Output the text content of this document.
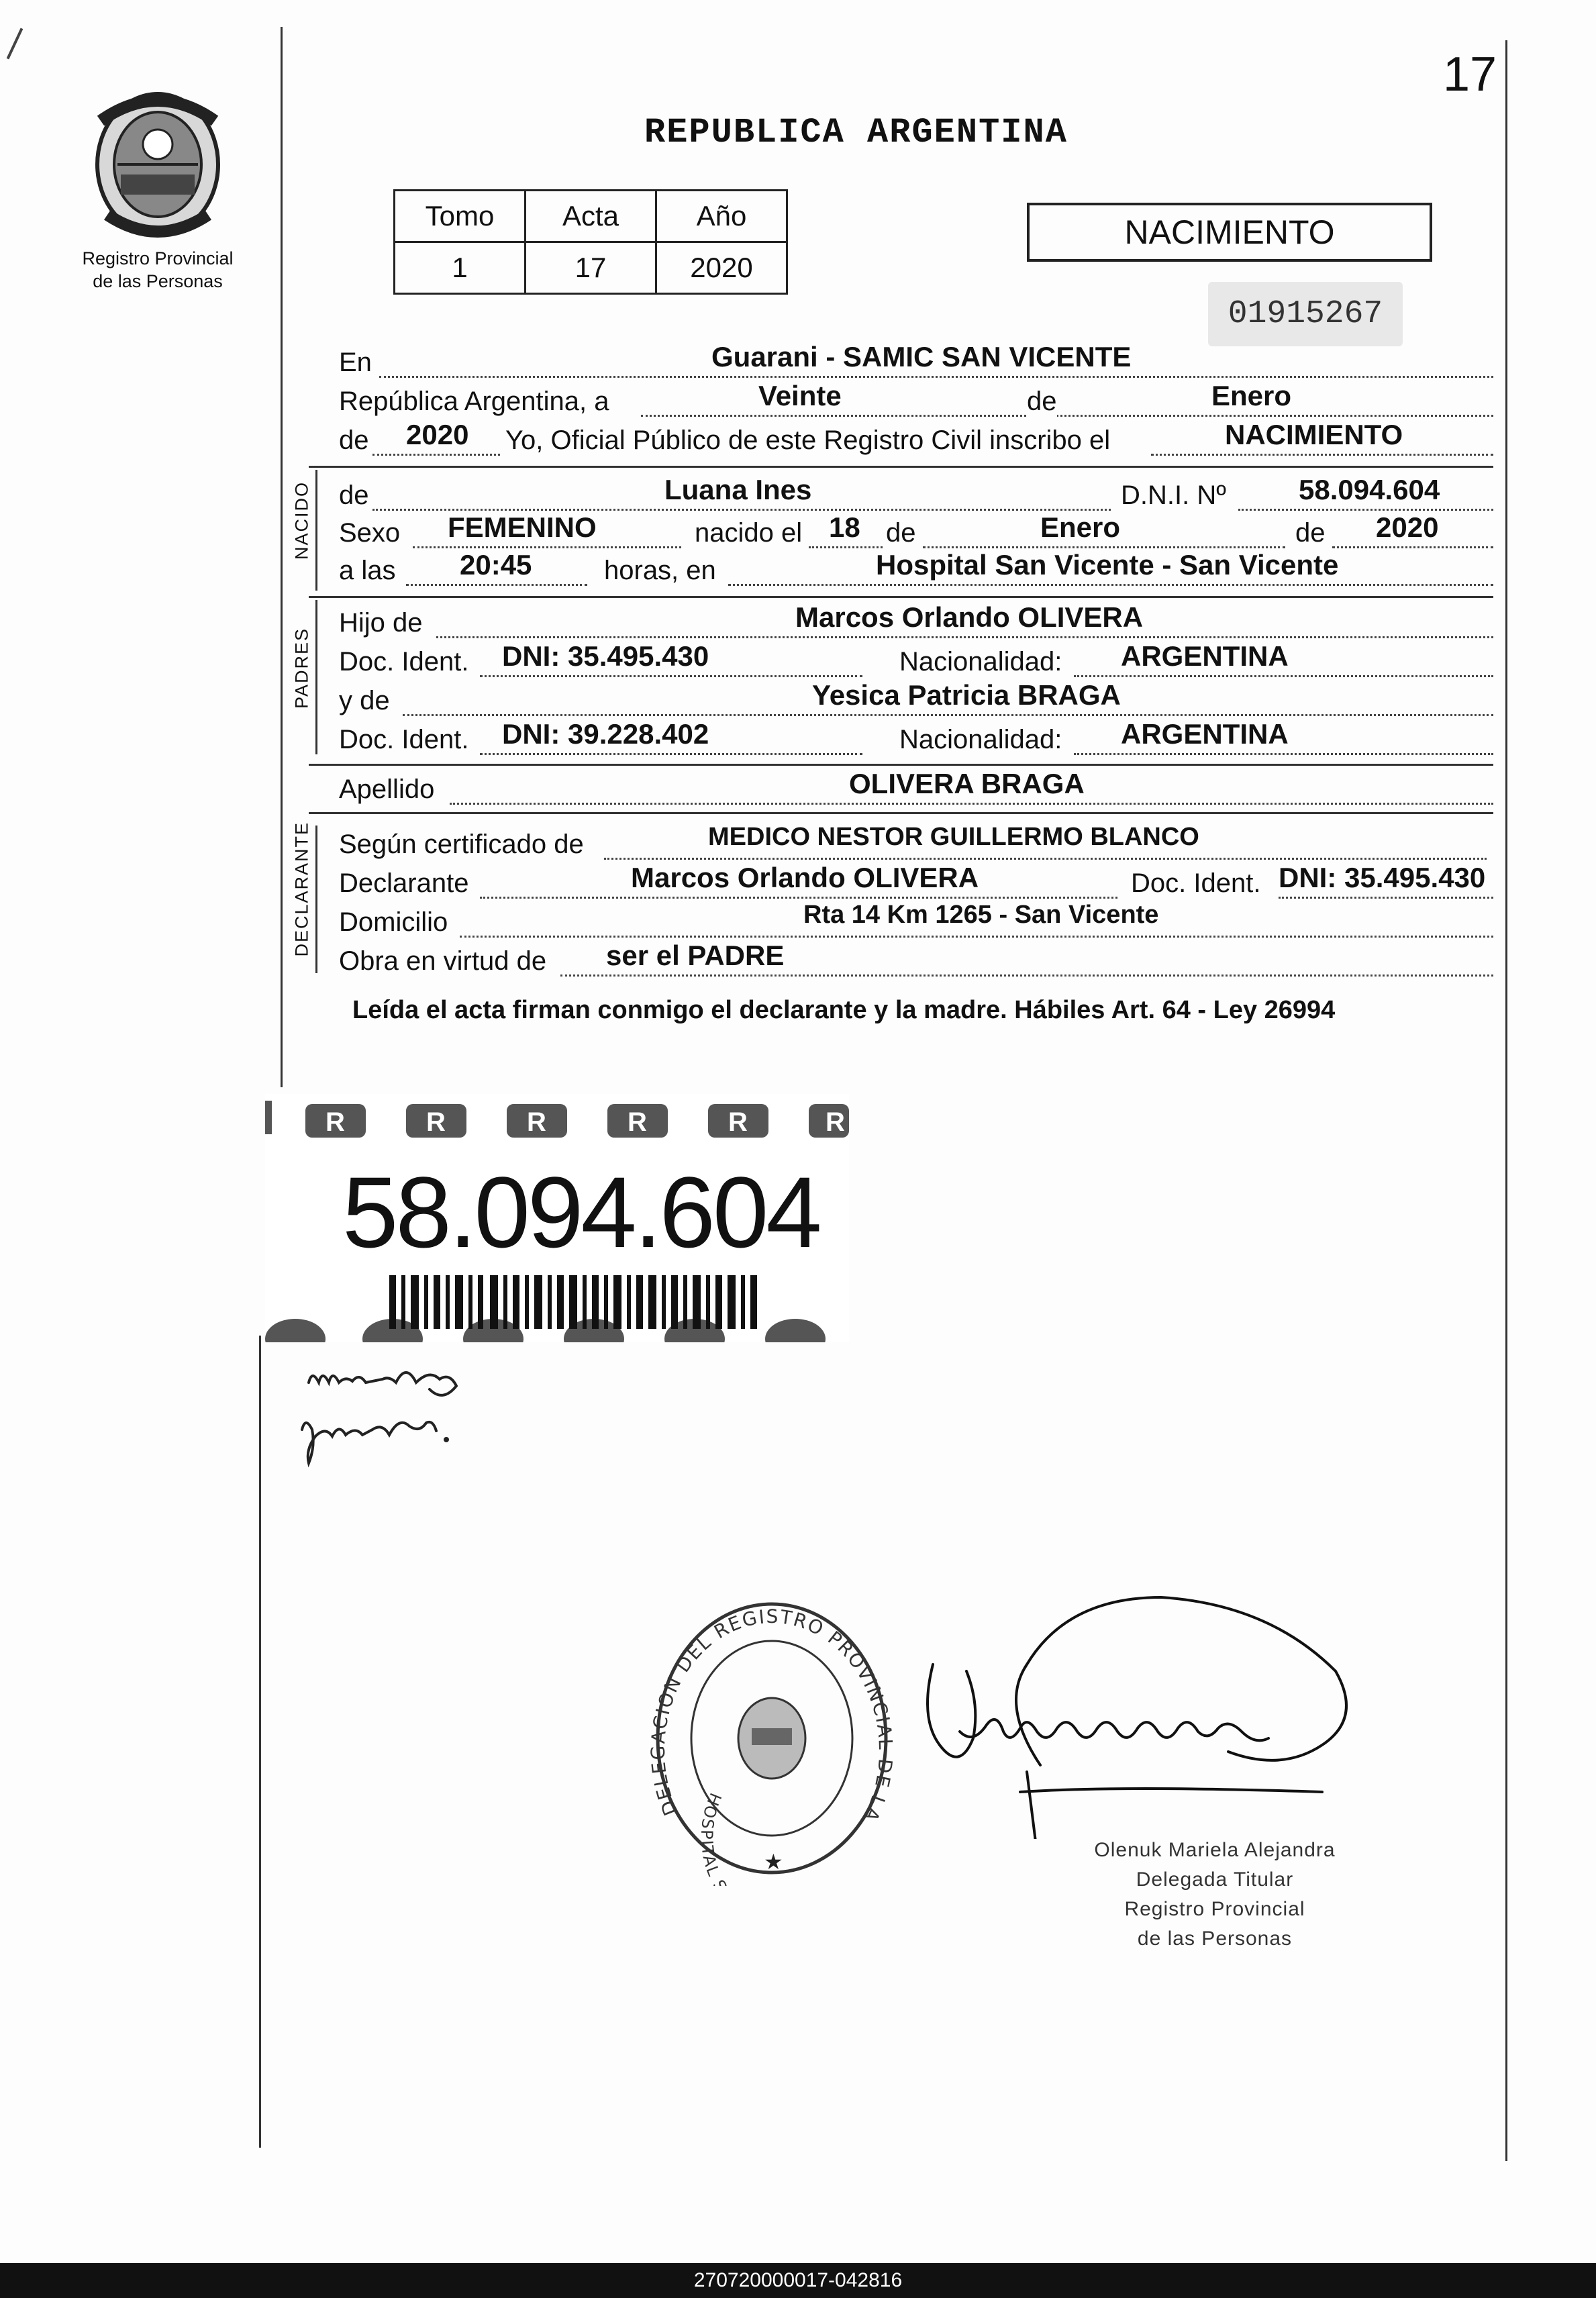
17
REPUBLICA ARGENTINA
Registro Provincial
de las Personas
Tomo	Acta	Año
1	17	2020
NACIMIENTO
01915267
En	Guarani - SAMIC SAN VICENTE
República Argentina, a	Veinte	de	Enero
de 2020 Yo, Oficial Público de este Registro Civil inscribo el	NACIMIENTO
NACIDO de	Luana Ines	D.N.I. Nº	58.094.604
Sexo FEMENINO	nacido el 18 de	Enero	de 2020
a las 20:45	horas, en	Hospital San Vicente - San Vicente
PADRES
Hijo de	Marcos Orlando OLIVERA
Doc. Ident. DNI: 35.495.430	Nacionalidad: ARGENTINA
y de	Yesica Patricia BRAGA
Doc. Ident. DNI: 39.228.402	Nacionalidad: ARGENTINA
Apellido	OLIVERA BRAGA
DECLARANTE Según certificado de	MEDICO NESTOR GUILLERMO BLANCO
Declarante	Marcos Orlando OLIVERA	Doc. Ident. DNI: 35.495.430
Domicilio	Rta 14 Km 1265 - San Vicente
Obra en virtud de ser el PADRE
Leída el acta firman conmigo el declarante y la madre. Hábiles Art. 64 - Ley 26994
R	R	R	R	R	R
58.094.604
DELEGACION DEL REGISTRO PROVINCIAL DE LA
HOSPITAL	★	Olenuk Mariela Alejandra
Delegada Titular
Registro Provincial
de las Personas
270720000017-042816
